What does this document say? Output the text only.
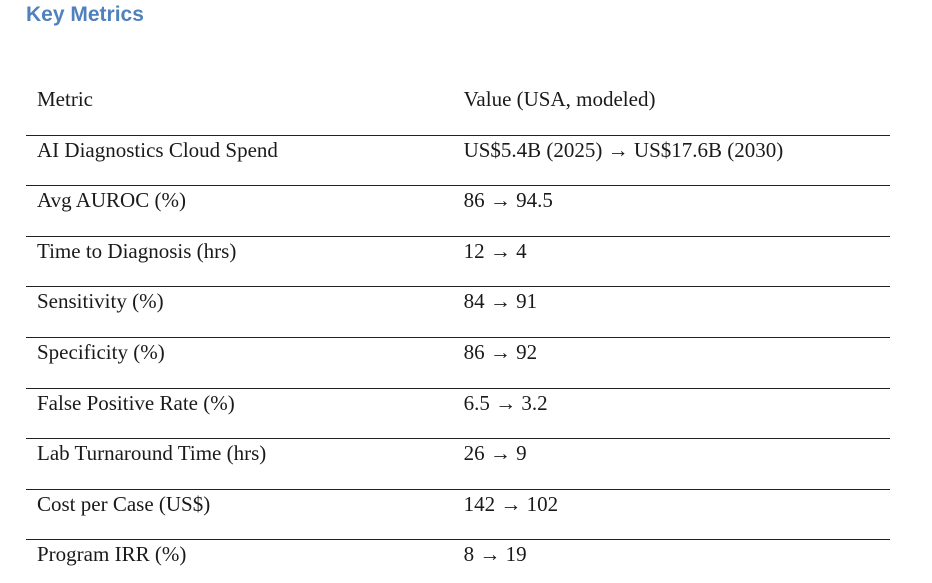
Key Metrics
Metric	Value (USA, modeled)
AI Diagnostics Cloud Spend	US$5.4B (2025) → US$17.6B (2030)
Avg AUROC (%)	86 → 94.5
Time to Diagnosis (hrs)	12 → 4
Sensitivity (%)	84 → 91
Specificity (%)	86 → 92
False Positive Rate (%)	6.5 → 3.2
Lab Turnaround Time (hrs)	26 → 9
Cost per Case (US$)	142 → 102
Program IRR (%)	8 → 19
